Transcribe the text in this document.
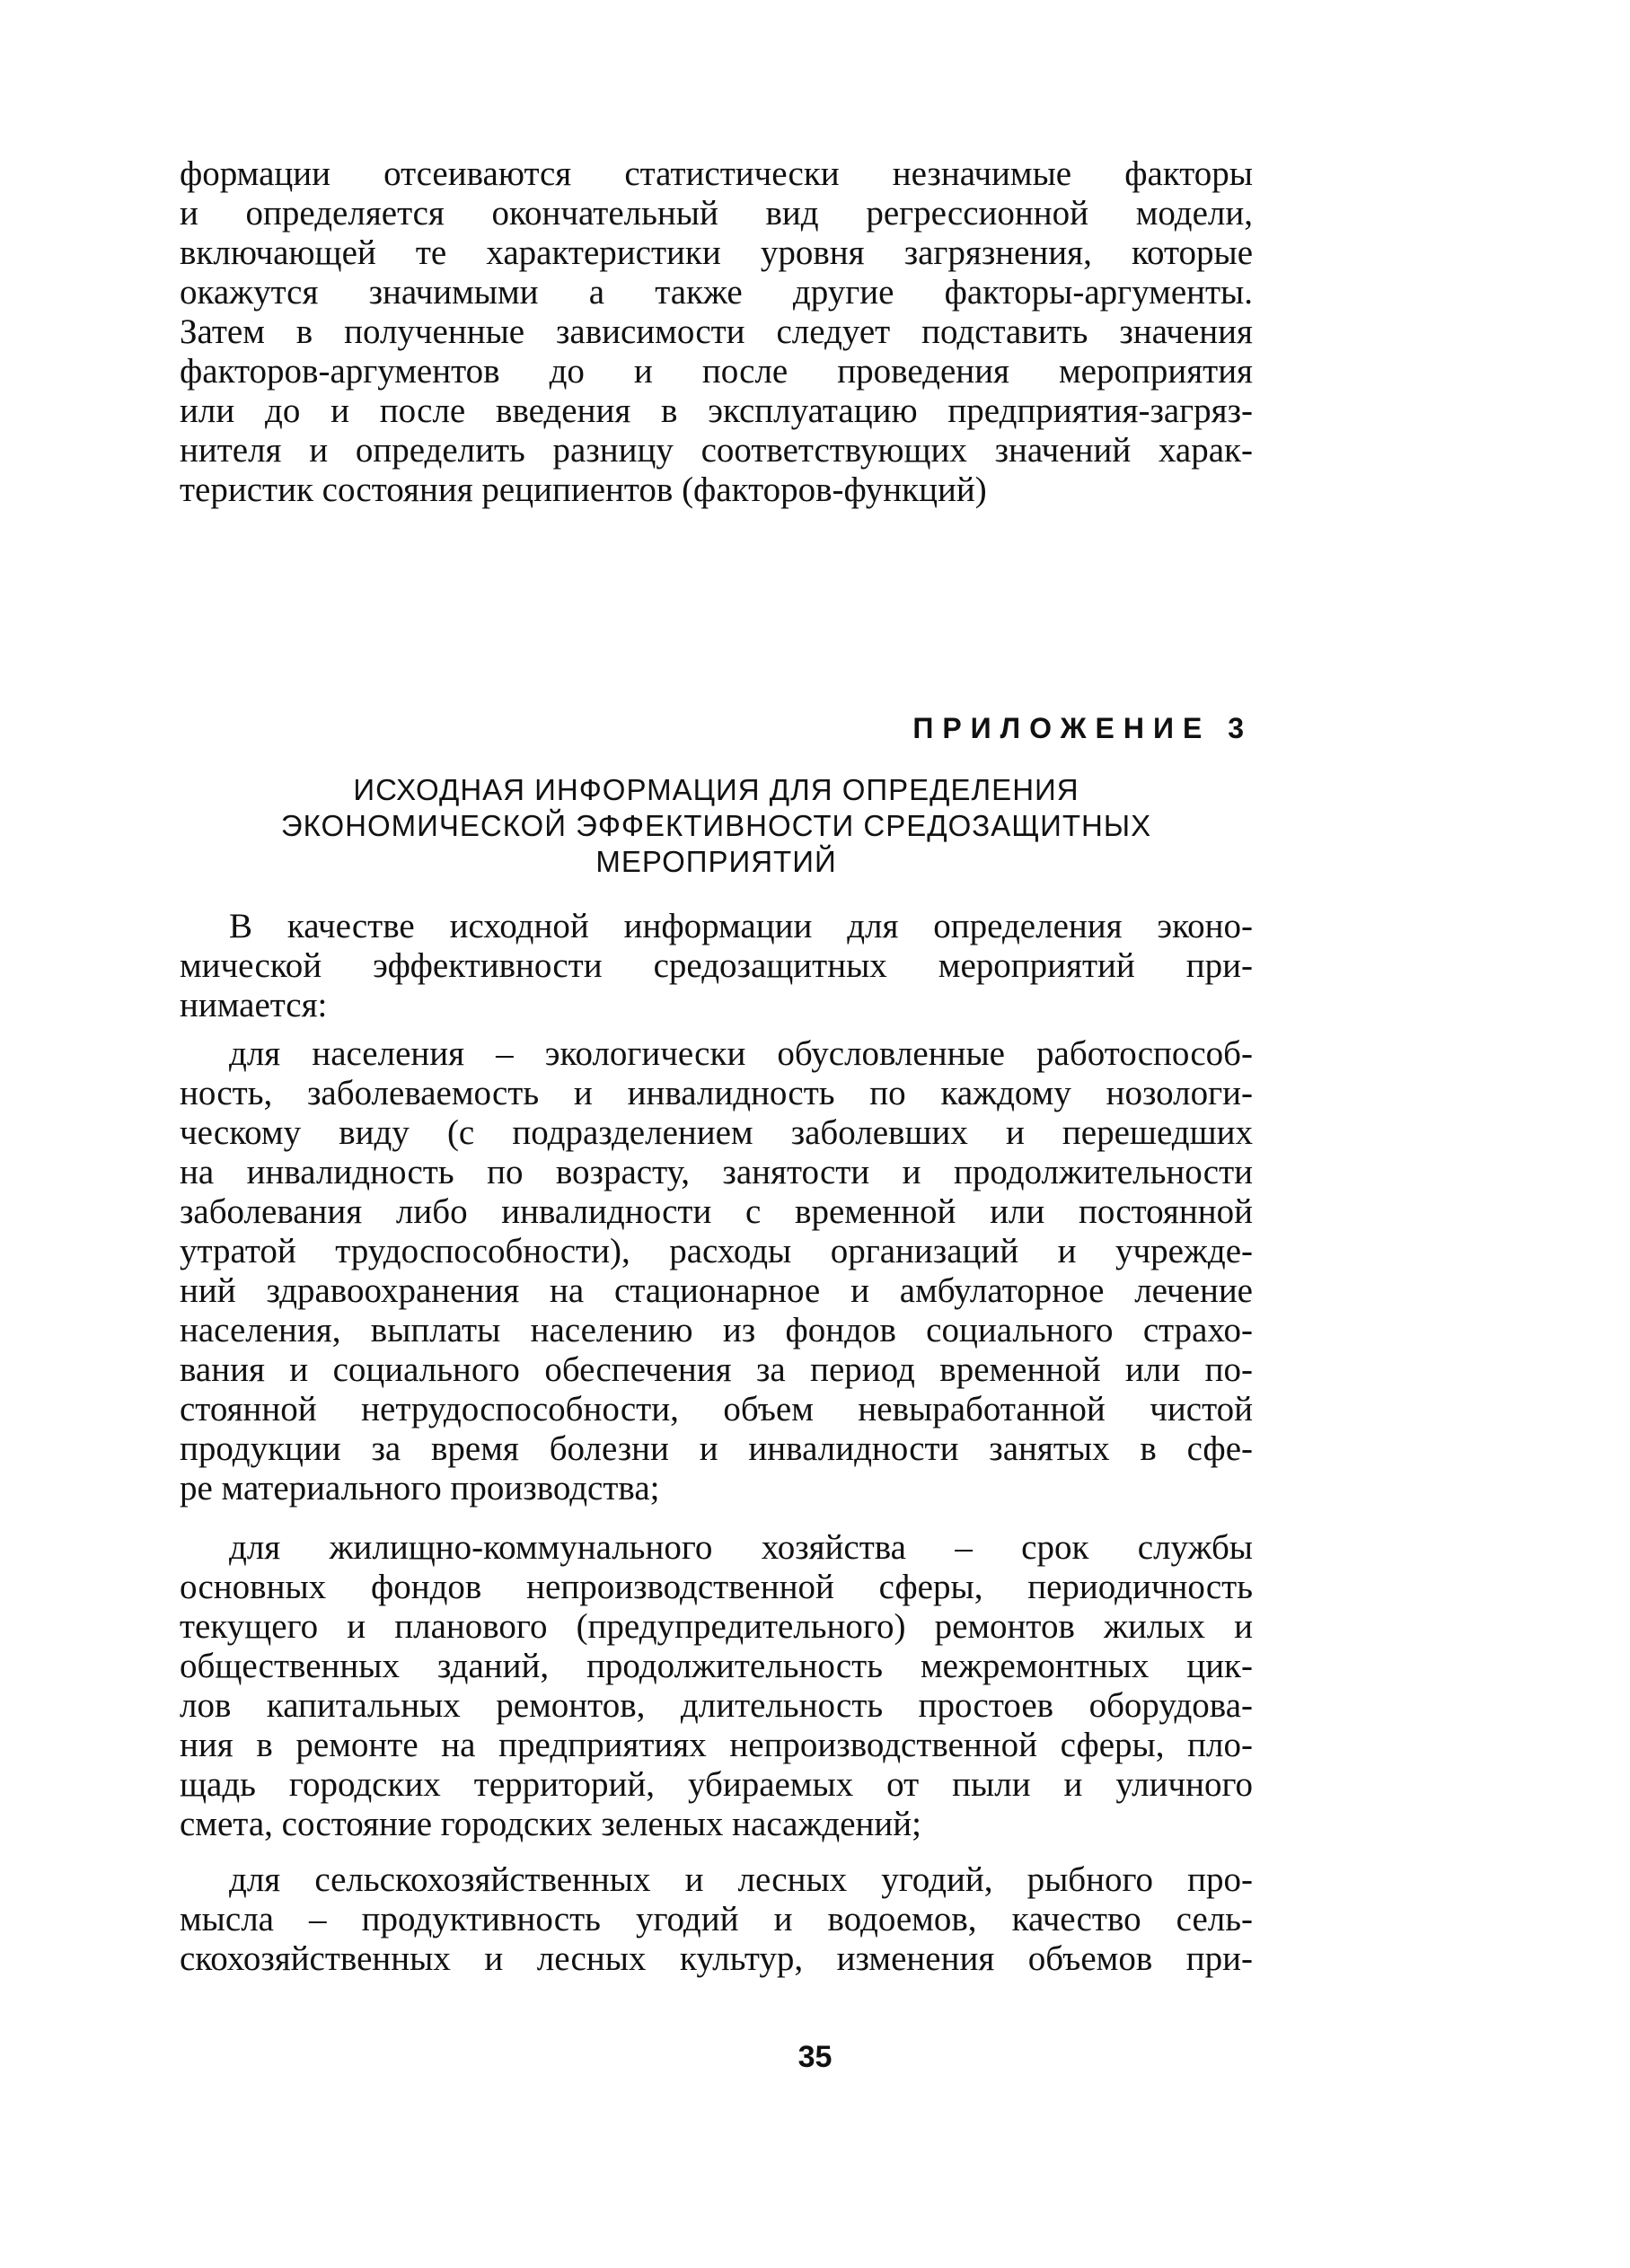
формации отсеиваются статистически незначимые факторы
и определяется окончательный вид регрессионной модели,
включающей те характеристики уровня загрязнения, которые
окажутся значимыми а также другие факторы-аргументы.
Затем в полученные зависимости следует подставить значения
факторов-аргументов до и после проведения мероприятия
или до и после введения в эксплуатацию предприятия-загряз-
нителя и определить разницу соответствующих значений харак-
теристик состояния реципиентов (факторов-функций)
ПРИЛОЖЕНИЕ 3
ИСХОДНАЯ ИНФОРМАЦИЯ ДЛЯ ОПРЕДЕЛЕНИЯ
ЭКОНОМИЧЕСКОЙ ЭФФЕКТИВНОСТИ СРЕДОЗАЩИТНЫХ
МЕРОПРИЯТИЙ
В качестве исходной информации для определения эконо-
мической эффективности средозащитных мероприятий при-
нимается:
для населения – экологически обусловленные работоспособ-
ность, заболеваемость и инвалидность по каждому нозологи-
ческому виду (с подразделением заболевших и перешедших
на инвалидность по возрасту, занятости и продолжительности
заболевания либо инвалидности с временной или постоянной
утратой трудоспособности), расходы организаций и учрежде-
ний здравоохранения на стационарное и амбулаторное лечение
населения, выплаты населению из фондов социального страхо-
вания и социального обеспечения за период временной или по-
стоянной нетрудоспособности, объем невыработанной чистой
продукции за время болезни и инвалидности занятых в сфе-
ре материального производства;
для жилищно-коммунального хозяйства – срок службы
основных фондов непроизводственной сферы, периодичность
текущего и планового (предупредительного) ремонтов жилых и
общественных зданий, продолжительность межремонтных цик-
лов капитальных ремонтов, длительность простоев оборудова-
ния в ремонте на предприятиях непроизводственной сферы, пло-
щадь городских территорий, убираемых от пыли и уличного
смета, состояние городских зеленых насаждений;
для сельскохозяйственных и лесных угодий, рыбного про-
мысла – продуктивность угодий и водоемов, качество сель-
скохозяйственных и лесных культур, изменения объемов при-
35
